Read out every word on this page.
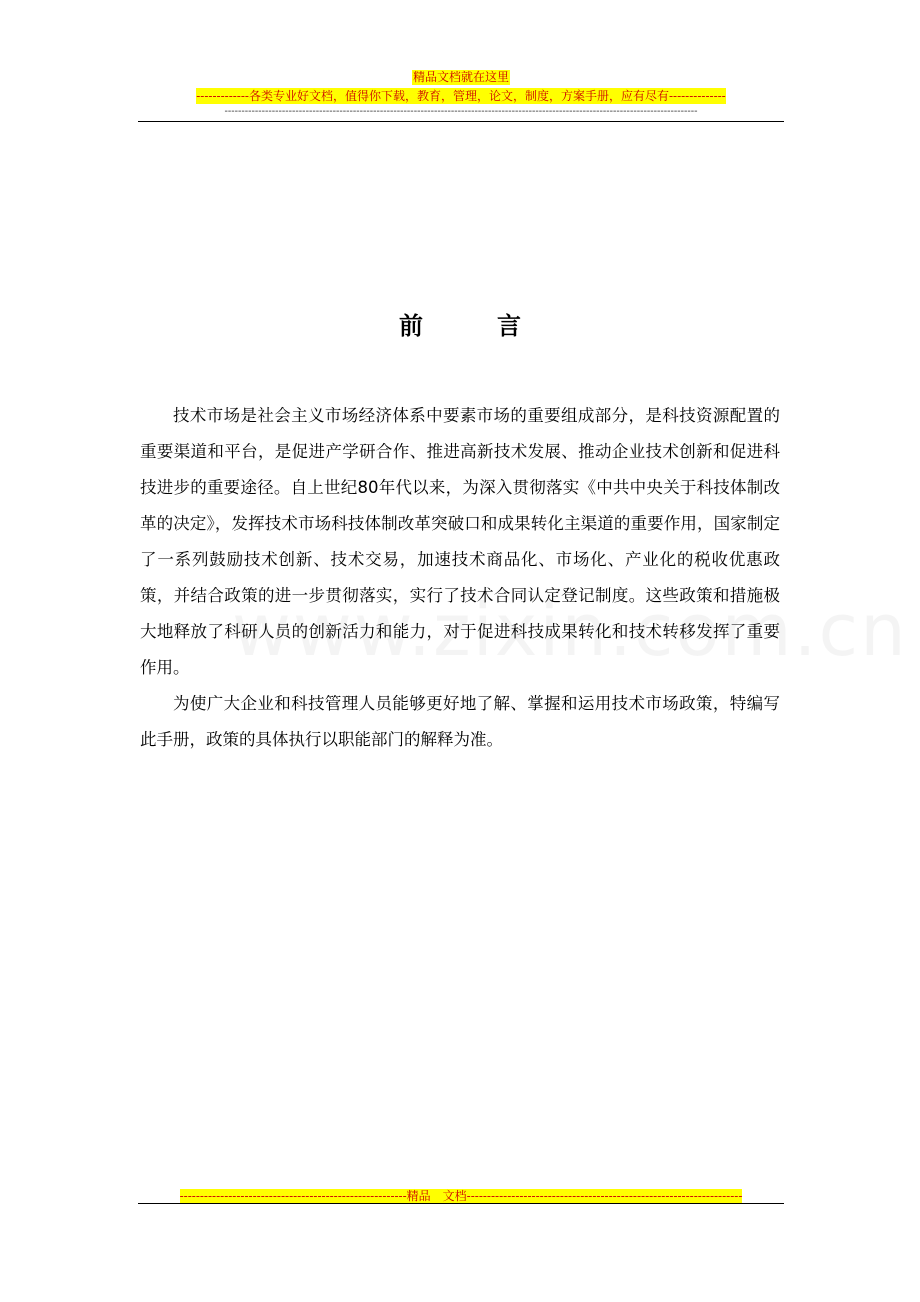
精品文档就在这里
-------------各类专业好文档，值得你下载，教育，管理，论文，制度，方案手册，应有尽有--------------
--------------------------------------------------------------------------------------------------------------------------------------------
前	言

技术市场是社会主义市场经济体系中要素市场的重要组成部分，是科技资源配置的重要渠道和平台，是促进产学研合作、推进高新技术发展、推动企业技术创新和促进科技进步的重要途径。自上世纪80年代以来，为深入贯彻落实《中共中央关于科技体制改革的决定》，发挥技术市场科技体制改革突破口和成果转化主渠道的重要作用，国家制定了一系列鼓励技术创新、技术交易，加速技术商品化、市场化、产业化的税收优惠政策，并结合政策的进一步贯彻落实，实行了技术合同认定登记制度。这些政策和措施极大地释放了科研人员的创新活力和能力，对于促进科技成果转化和技术转移发挥了重要作用。

为使广大企业和科技管理人员能够更好地了解、掌握和运用技术市场政策，特编写此手册，政策的具体执行以职能部门的解释为准。

--------------------------------------------------------精品　文档--------------------------------------------------------------------
